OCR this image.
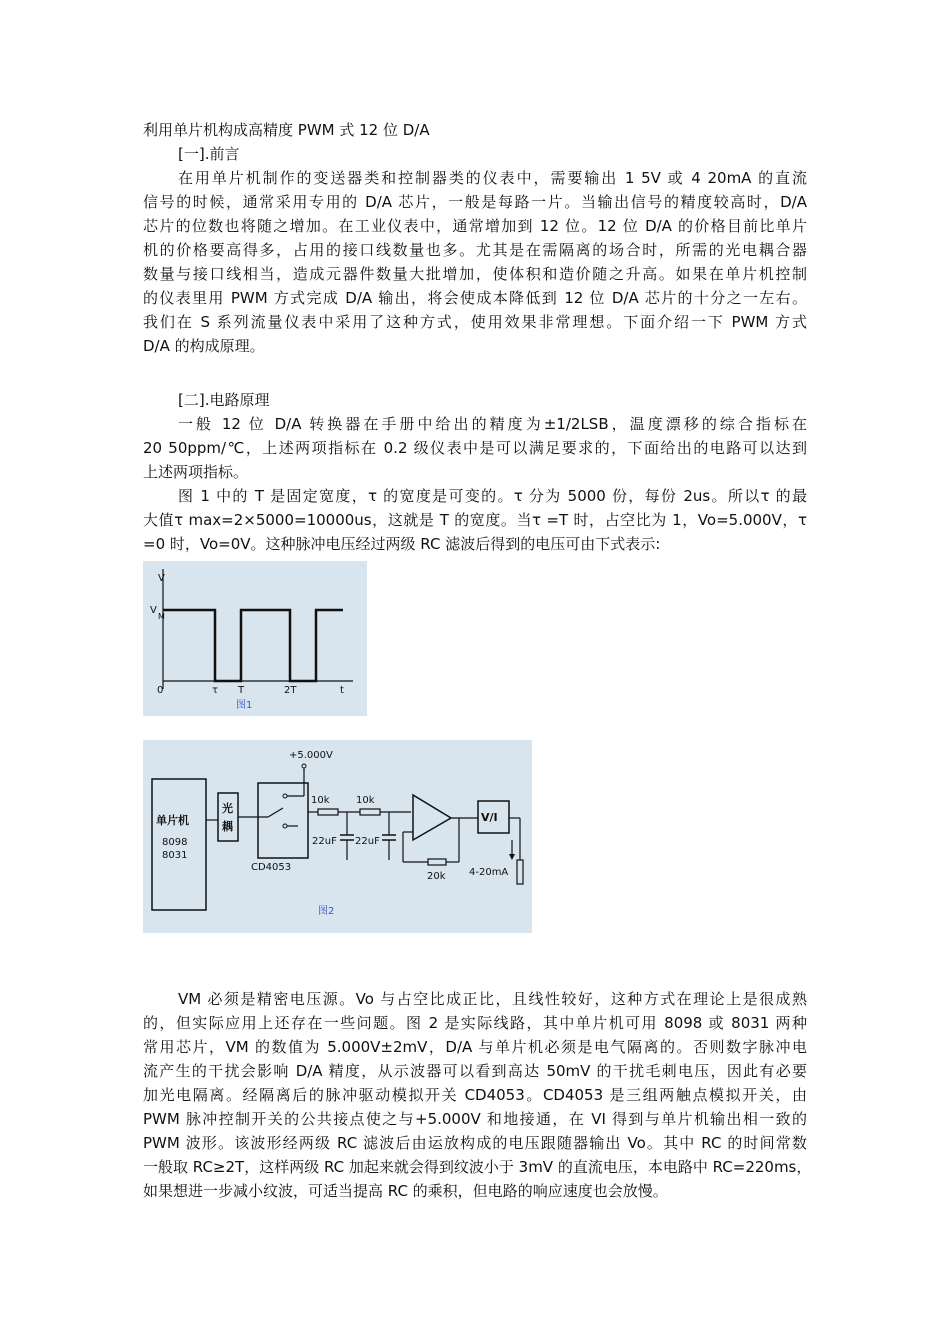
利用单片机构成高精度 PWM 式 12 位 D/A
[一].前言
在用单片机制作的变送器类和控制器类的仪表中，需要输出 1 5V 或 4 20mA 的直流
信号的时候，通常采用专用的 D/A 芯片，一般是每路一片。当输出信号的精度较高时，D/A
芯片的位数也将随之增加。在工业仪表中，通常增加到 12 位。12 位 D/A 的价格目前比单片
机的价格要高得多，占用的接口线数量也多。尤其是在需隔离的场合时，所需的光电耦合器
数量与接口线相当，造成元器件数量大批增加，使体积和造价随之升高。如果在单片机控制
的仪表里用 PWM 方式完成 D/A 输出，将会使成本降低到 12 位 D/A 芯片的十分之一左右。
我们在 S 系列流量仪表中采用了这种方式，使用效果非常理想。下面介绍一下 PWM 方式
D/A 的构成原理。
[二].电路原理
一般 12 位 D/A 转换器在手册中给出的精度为±1/2LSB，温度漂移的综合指标在
20 50ppm/℃，上述两项指标在 0.2 级仪表中是可以满足要求的，下面给出的电路可以达到
上述两项指标。
图 1 中的 T 是固定宽度，τ 的宽度是可变的。τ 分为 5000 份，每份 2us。所以τ 的最
大值τ max=2×5000=10000us，这就是 T 的宽度。当τ =T 时，占空比为 1，Vo=5.000V，τ
=0 时，Vo=0V。这种脉冲电压经过两级 RC 滤波后得到的电压可由下式表示:
V
V
M
0	τ T	2T	t
图1
单片机
8098
8031
光
耦
+5.000V
CD4053
10k	10k
22uF 22uF
20k
V/I
4-20mA
图2
VM 必须是精密电压源。Vo 与占空比成正比，且线性较好，这种方式在理论上是很成熟
的，但实际应用上还存在一些问题。图 2 是实际线路，其中单片机可用 8098 或 8031 两种
常用芯片，VM 的数值为 5.000V±2mV，D/A 与单片机必须是电气隔离的。否则数字脉冲电
流产生的干扰会影响 D/A 精度，从示波器可以看到高达 50mV 的干扰毛刺电压，因此有必要
加光电隔离。经隔离后的脉冲驱动模拟开关 CD4053。CD4053 是三组两触点模拟开关，由
PWM 脉冲控制开关的公共接点使之与+5.000V 和地接通，在 VI 得到与单片机输出相一致的
PWM 波形。该波形经两级 RC 滤波后由运放构成的电压跟随器输出 Vo。其中 RC 的时间常数
一般取 RC≥2T，这样两级 RC 加起来就会得到纹波小于 3mV 的直流电压，本电路中 RC=220ms，
如果想进一步减小纹波，可适当提高 RC 的乘积，但电路的响应速度也会放慢。
